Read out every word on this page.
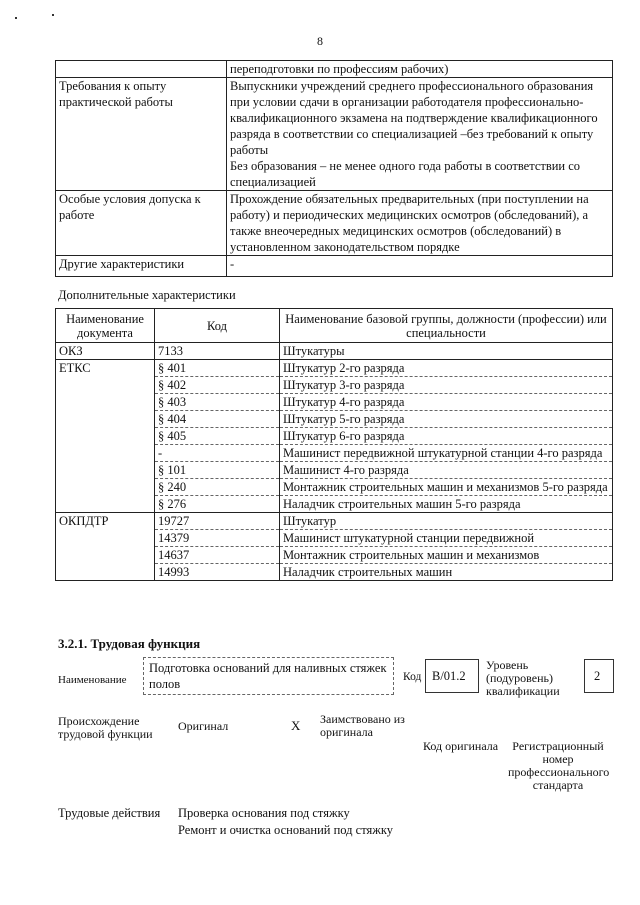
8

	переподготовки по профессиям рабочих)

Требования к опыту практической работы	Выпускники учреждений среднего профессионального образования при условии сдачи в организации работодателя профессионально-квалификационного экзамена на подтверждение квалификационного разряда в соответствии со специализацией –без требований к опыту работы
Без образования – не менее одного года работы в соответствии со специализацией

Особые условия допуска к работе	Прохождение обязательных предварительных (при поступлении на работу) и периодических медицинских осмотров (обследований), а также внеочередных медицинских осмотров (обследований) в установленном законодательством порядке

Другие характеристики	-
Дополнительные характеристики
Наименование документа	Код	Наименование базовой группы, должности (профессии) или специальности
ОКЗ	7133	Штукатуры
ЕТКС	§ 401	Штукатур 2-го разряда
	§ 402	Штукатур 3-го разряда
	§ 403	Штукатур 4-го разряда
	§ 404	Штукатур 5-го разряда
	§ 405	Штукатур 6-го разряда
	-	Машинист передвижной штукатурной станции 4-го разряда
	§ 101	Машинист 4-го разряда
	§ 240	Монтажник строительных машин и механизмов 5-го разряда
	§ 276	Наладчик строительных машин 5-го разряда
ОКПДТР	19727	Штукатур
	14379	Машинист штукатурной станции передвижной
	14637	Монтажник строительных машин и механизмов
	14993	Наладчик строительных машин
3.2.1. Трудовая функция
Наименование
Подготовка оснований для наливных стяжек полов	Код В/01.2
Уровень (подуровень) квалификации
2
Происхождение трудовой функции
Оригинал	X Заимствовано из оригинала
Код оригинала	Регистрационный номер профессионального стандарта
Трудовые действия Проверка основания под стяжку
Ремонт и очистка оснований под стяжку
